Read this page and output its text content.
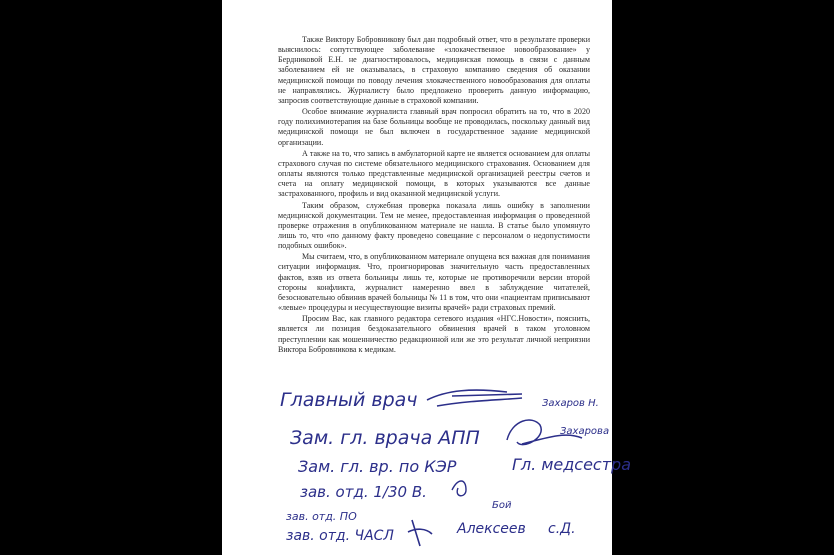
Также Виктору Бобровникову был дан подробный ответ, что в результате проверки выяснилось: сопутствующее заболевание «злокачественное новообразование» у Бердниковой Е.Н. не диагностировалось, медицинская помощь в связи с данным заболеванием ей не оказывалась, в страховую компанию сведения об оказании медицинской помощи по поводу лечения злокачественного новообразования для оплаты не направлялись. Журналисту было предложено проверить данную информацию, запросив соответствующие данные в страховой компании.

Особое внимание журналиста главный врач попросил обратить на то, что в 2020 году полихимиотерапия на базе больницы вообще не проводилась, поскольку данный вид медицинской помощи не был включен в государственное задание медицинской организации.

А также на то, что запись в амбулаторной карте не является основанием для оплаты страхового случая по системе обязательного медицинского страхования. Основанием для оплаты являются только представленные медицинской организацией реестры счетов и счета на оплату медицинской помощи, в которых указываются все данные застрахованного, профиль и вид оказанной медицинской услуги.

Таким образом, служебная проверка показала лишь ошибку в заполнении медицинской документации. Тем не менее, предоставленная информация о проведенной проверке отражения в опубликованном материале не нашла. В статье было упомянуто лишь то, что «по данному факту проведено совещание с персоналом о недопустимости подобных ошибок».

Мы считаем, что, в опубликованном материале опущена вся важная для понимания ситуации информация. Что, проигнорировав значительную часть предоставленных фактов, взяв из ответа больницы лишь те, которые не противоречили версии второй стороны конфликта, журналист намеренно ввел в заблуждение читателей, безосновательно обвинив врачей больницы № 11 в том, что они «пациентам приписывают «левые» процедуры и несуществующие визиты врачей» ради страховых премий.

Просим Вас, как главного редактора сетевого издания «НГС.Новости», пояснить, является ли позиция бездоказательного обвинения врачей в таком уголовном преступлении как мошенничество редакционной или же это результат личной неприязни Виктора Бобровникова к медикам.

Главный врач	Захаров Н.
Зам. гл. врача АПП	Захарова
Зам. гл. вр. по КЭР	Гл. медсестра
зав. отд. 1/30 В.
зав. отд. ПО
Бой
зав. отд. ЧАСЛ	Алексеев с.Д.
